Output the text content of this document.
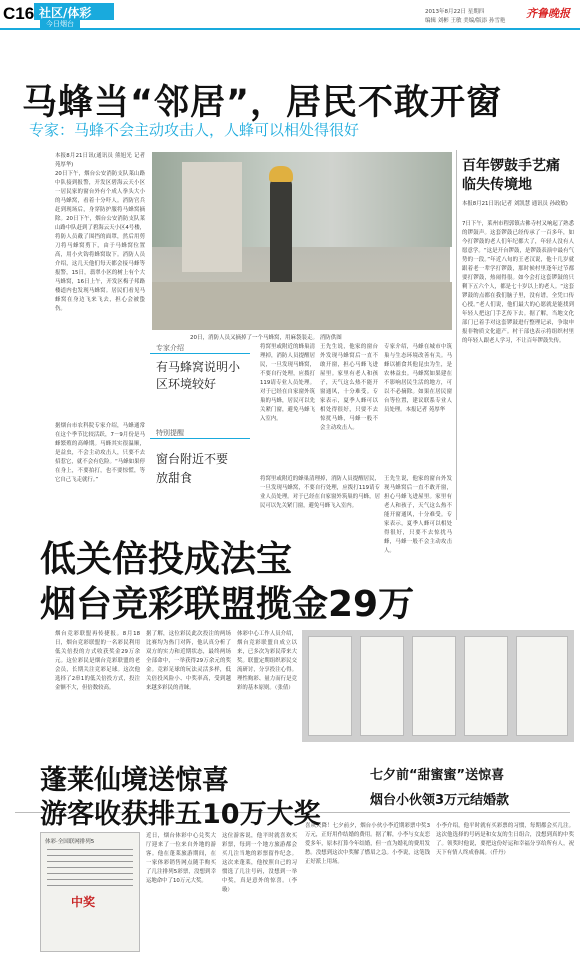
C16 社区/体彩
今日烟台
2013年8月22日 星期四
编辑 刘彬 王敏 美编/版添 孙雪艳
齐鲁晚报
马蜂当“邻居”，居民不敢开窗
专家：马蜂不会主动攻击人，人蜂可以相处得很好
本报8月21日讯(通讯员 熊旭光 记者 苑厚华)
20日下午，烟台公安消防支队莱山路中队接到报警，开发区碧海云天小区一居民家的窗台外有个成人拳头大小的马蜂窝，看着十分吓人。消防官兵赶到现场后，身穿防护服将马蜂窝摘除。20日下午，烟台公安消防支队莱山路中队赶到了碧海云天小区4号楼，将防人员戴了围挡的面罩，然后用剪刀将马蜂窝剪下，由于马蜂窝位置高，用小火钩将蜂窝取下。消防人员介绍，这几天他们每天都会接马蜂等报警，15日，翡翠小区的树上有个大马蜂窝，16日上午，开发区梅子邦路楼道内也发现马蜂窝。居民们看见马蜂窝在身边飞来飞去，担心会被蛰伤。
据烟台市农科院专家介绍，马蜂通常在这个季节比较活跃，7－9月份是马蜂繁殖的高峰期。马蜂其实很温顺，是益虫，不会主动攻击人，只要不去招惹它，就不会有危险。“马蜂如果停在身上，不要拍打，也不要惊慌，等它自己飞走就行。”
20日，消防人员又摘掉了一个马蜂窝，用麻袋装走。 消防供图
将窝里或附近的蜂巢清理掉，消防人员提醒居民，一旦发现马蜂窝，不要自行处理，应拨打119请专业人员处理。对于已经在自家窗外筑巢的马蜂，居民可以先关紧门窗，避免马蜂飞入室内。
王先生说，他家的窗台外发现马蜂窝后一直不敢开窗，担心马蜂飞进屋里。家里有老人和孩子，天气这么热不能开窗通风，十分难受。专家表示，夏季人蜂可以相处得很好，只要不去惊扰马蜂，马蜂一般不会主动攻击人。
专家介绍，马蜂在城市中筑巢与生态环境改善有关。马蜂以捕食其他昆虫为生，是农林益虫。马蜂窝如果建在不影响居民生活的地方，可以不必摘除。如果在居民窗台等位置，建议联系专业人员处理。本报记者 苑厚华
将窝里或附近的蜂巢清理掉，消防人员提醒居民，一旦发现马蜂窝，不要自行处理，应拨打119请专业人员处理。对于已经在自家窗外筑巢的马蜂，居民可以先关紧门窗，避免马蜂飞入室内。
王先生说，他家的窗台外发现马蜂窝后一直不敢开窗，担心马蜂飞进屋里。家里有老人和孩子，天气这么热不能开窗通风，十分难受。专家表示，夏季人蜂可以相处得很好，只要不去惊扰马蜂，马蜂一般不会主动攻击人。
专家介绍
有马蜂窝说明小区环境较好
特别提醒
窗台附近不要放甜食
百年锣鼓手艺痛临失传境地
本报8月21日讯(记者 刘凯慧 通讯员 孙政敏)
7日下午，莱州市程郭镇古佛寺村又响起了熟悉的锣鼓声。这套锣鼓已经传承了一百多年，如今打锣鼓的老人们年纪都大了，年轻人没有人愿意学。“这是开台锣鼓，是锣鼓表演中最有气势的一段。”年近八旬的王老汉说，他十几岁就跟着老一辈学打锣鼓，那时候村里逢年过节都要打锣鼓，热闹得很。如今会打这套锣鼓的只剩下五六个人，都是七十岁以上的老人。“这套锣鼓的点都在我们脑子里，没有谱，全凭口传心授。”老人们说，他们最大的心愿就是能找到年轻人把这门手艺传下去。据了解，当地文化部门已着手对这套锣鼓进行整理记录，争取申报非物质文化遗产。村干部也表示将组织村里的年轻人跟老人学习，不让百年锣鼓失传。
低关倍投成法宝
烟台竞彩联盟揽金29万
烟台竞彩联盟再传捷报。8月18日，烟台竞彩联盟的一名彩民利用低关倍投的方式收获奖金29万余元。这位彩民是烟台竞彩联盟的老会员，长期关注竞彩足球。这次他选择了2串1的低关倍投方式，投注金额不大，但倍数较高。
据了解，这位彩民此次投注的两场比赛均为热门对阵，他认真分析了双方的实力和近期状态，最终两场全部命中，一举获得29万余元的奖金。竞彩足球的玩法灵活多样，低关倍投风险小、中奖率高，受到越来越多彩民的青睐。
体彩中心工作人员介绍，烟台竞彩联盟自成立以来，已多次为彩民带来大奖。联盟定期组织彩民交流研讨，分享投注心得。理性购彩、量力而行是竞彩的基本原则。（张倩）
蓬莱仙境送惊喜
游客收获排五10万大奖
体彩·全国联网排列5
中奖
近日，烟台体彩中心兑奖大厅迎来了一位来自外地的游客。他在蓬莱旅游期间，在一家体彩销售网点随手购买了几注排列5彩票，没想到幸运地命中了10万元大奖。
这位游客说，他平时就喜欢买彩票，每到一个地方旅游都会买几注当地的彩票留作纪念。这次来蓬莱，他按照自己的习惯选了几注号码，没想到一举中奖，真是意外的惊喜。（李璇）
七夕前“甜蜜蜜”送惊喜
烟台小伙领3万元结婚款
喜从天降！七夕前夕，烟台小伙小李近期彩票中奖3万元，正好用作结婚的费用。据了解，小李与女友恋爱多年，原本打算今年结婚，但一直为婚礼的费用发愁。没想到这次中奖解了燃眉之急。小李说，这笔钱正好派上用场。
小李介绍，他平时就有买彩票的习惯，每期都会买几注。这次他选择的号码是和女友的生日组合，没想到真的中奖了。领奖时他说，要把这份好运和幸福分享给所有人，祝天下有情人终成眷属。（仟丹）
